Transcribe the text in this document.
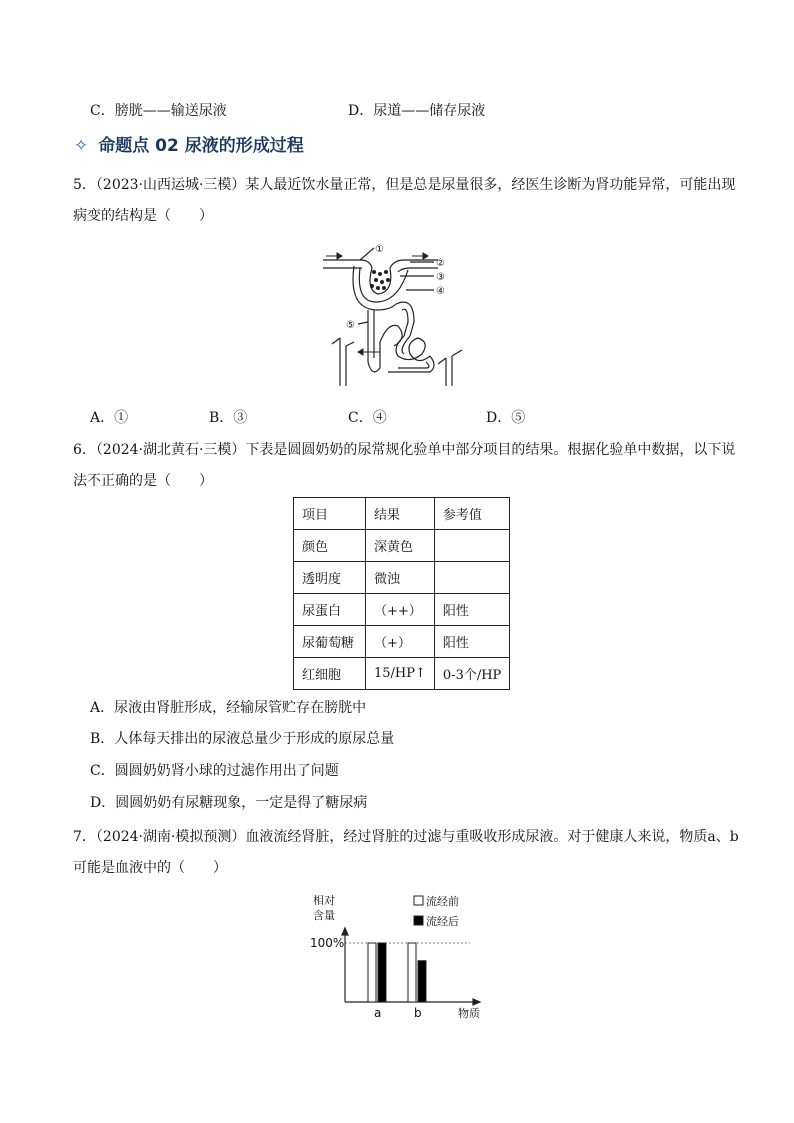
C．膀胱——输送尿液	D．尿道——储存尿液
✧ 命题点 02 尿液的形成过程
5．（2023·山西运城·三模）某人最近饮水量正常，但是总是尿量很多，经医生诊断为肾功能异常，可能出现
病变的结构是（　　）
①
②
③
④
⑤
A．①	B．③	C．④	D．⑤
6．（2024·湖北黄石·三模）下表是圆圆奶奶的尿常规化验单中部分项目的结果。根据化验单中数据，以下说
法不正确的是（　　）
项目	结果	参考值
颜色	深黄色	
透明度	微浊	
尿蛋白	（++）	阳性
尿葡萄糖	（+）	阳性
红细胞	15/HP↑	0-3个/HP
A．尿液由肾脏形成，经输尿管贮存在膀胱中
B．人体每天排出的尿液总量少于形成的原尿总量
C．圆圆奶奶肾小球的过滤作用出了问题
D．圆圆奶奶有尿糖现象，一定是得了糖尿病
7．（2024·湖南·模拟预测）血液流经肾脏，经过肾脏的过滤与重吸收形成尿液。对于健康人来说，物质a、b
可能是血液中的（　　）
相对
含量
100%
物质
a	b
流经前
流经后
